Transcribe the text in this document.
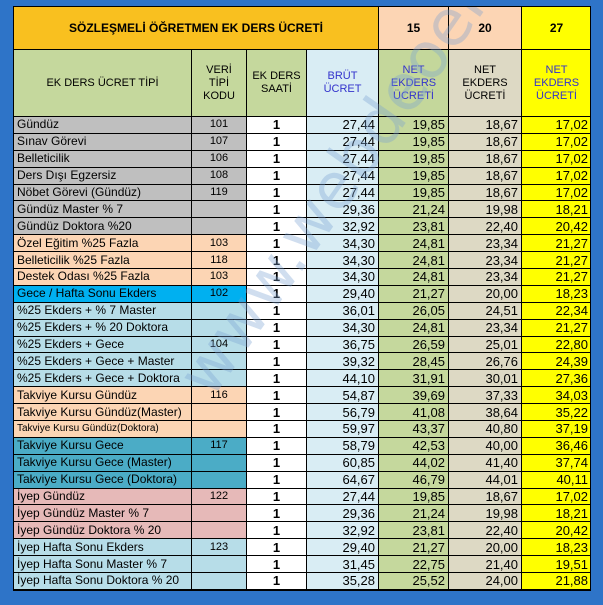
SÖZLEŞMELİ ÖĞRETMEN EK DERS ÜCRETİ				15	20	27
EK DERS ÜCRET TİPİ	VERİ TİPİ KODU	EK DERS SAATİ	BRÜT ÜCRET	NET EKDERS ÜCRETİ	NET EKDERS ÜCRETİ	NET EKDERS ÜCRETİ
Gündüz	101	1	27,44	19,85	18,67	17,02
Sınav Görevi	107	1	27,44	19,85	18,67	17,02
Belleticilik	106	1	27,44	19,85	18,67	17,02
Ders Dışı Egzersiz	108	1	27,44	19,85	18,67	17,02
Nöbet Görevi (Gündüz)	119	1	27,44	19,85	18,67	17,02
Gündüz Master % 7		1	29,36	21,24	19,98	18,21
Gündüz Doktora %20		1	32,92	23,81	22,40	20,42
Özel Eğitim %25 Fazla	103	1	34,30	24,81	23,34	21,27
Belleticilik %25 Fazla	118	1	34,30	24,81	23,34	21,27
Destek Odası %25 Fazla	103	1	34,30	24,81	23,34	21,27
Gece / Hafta Sonu Ekders	102	1	29,40	21,27	20,00	18,23
%25 Ekders + % 7 Master		1	36,01	26,05	24,51	22,34
%25 Ekders + % 20 Doktora		1	34,30	24,81	23,34	21,27
%25 Ekders + Gece	104	1	36,75	26,59	25,01	22,80
%25 Ekders + Gece + Master		1	39,32	28,45	26,76	24,39
%25 Ekders + Gece + Doktora		1	44,10	31,91	30,01	27,36
Takviye Kursu Gündüz	116	1	54,87	39,69	37,33	34,03
Takviye Kursu Gündüz(Master)		1	56,79	41,08	38,64	35,22
Takviye Kursu Gündüz(Doktora)		1	59,97	43,37	40,80	37,19
Takviye Kursu Gece	117	1	58,79	42,53	40,00	36,46
Takviye Kursu Gece (Master)		1	60,85	44,02	41,40	37,74
Takviye Kursu Gece (Doktora)		1	64,67	46,79	44,01	40,11
İyep Gündüz	122	1	27,44	19,85	18,67	17,02
İyep Gündüz Master % 7		1	29,36	21,24	19,98	18,21
İyep Gündüz Doktora % 20		1	32,92	23,81	22,40	20,42
İyep Hafta Sonu Ekders	123	1	29,40	21,27	20,00	18,23
İyep Hafta Sonu Master % 7		1	31,45	22,75	21,40	19,51
İyep Hafta Sonu Doktora % 20		1	35,28	25,52	24,00	21,88
